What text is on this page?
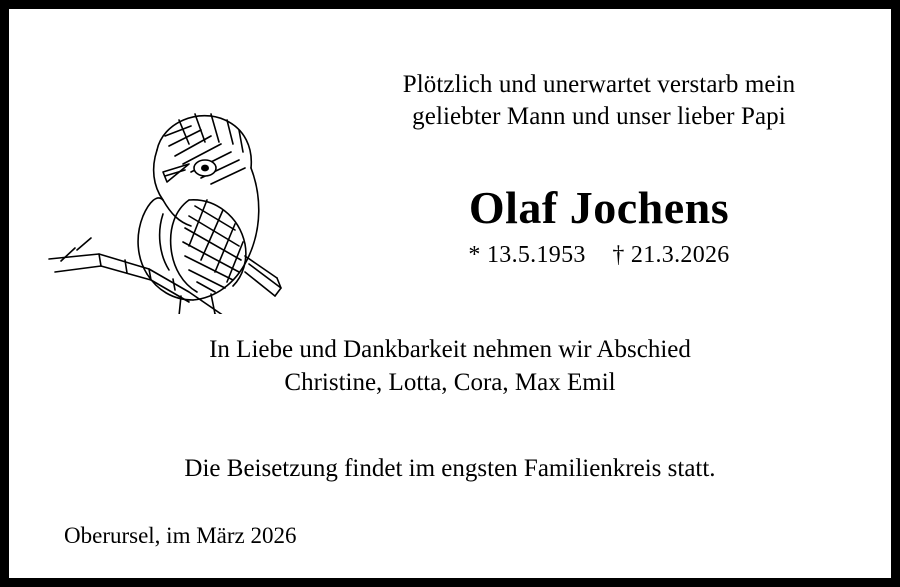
Plötzlich und unerwartet verstarb mein
geliebter Mann und unser lieber Papi
Olaf Jochens
* 13.5.1953 † 21.3.2026
In Liebe und Dankbarkeit nehmen wir Abschied
Christine, Lotta, Cora, Max Emil
Die Beisetzung findet im engsten Familienkreis statt.
Oberursel, im März 2026
